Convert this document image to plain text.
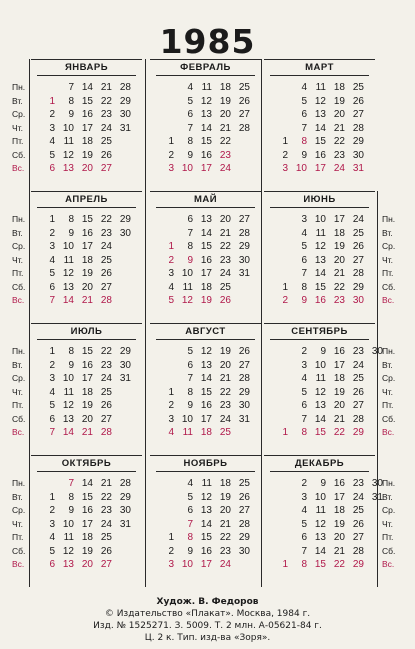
1985
Пн.
Вт.
Ср.
Чт.
Пт.
Сб.
Вс.
ЯНВАРЬ
1
2
3
4
5
6
7
8
9
10
11
12
13
14
15
16
17
18
19
20
21
22
23
24
25
26
27
28
29
30
31
ФЕВРАЛЬ
1
2
3
4
5
6
7
8
9
10
11
12
13
14
15
16
17
18
19
20
21
22
23
24
25
26
27
28
МАРТ
1
2
3
4
5
6
7
8
9
10
11
12
13
14
15
16
17
18
19
20
21
22
23
24
25
26
27
28
29
30
31
Пн.
Вт.
Ср.
Чт.
Пт.
Сб.
Вс.
Пн.
Вт.
Ср.
Чт.
Пт.
Сб.
Вс.
АПРЕЛЬ
1
2
3
4
5
6
7
8
9
10
11
12
13
14
15
16
17
18
19
20
21
22
23
24
25
26
27
28
29
30
МАЙ
1
2
3
4
5
6
7
8
9
10
11
12
13
14
15
16
17
18
19
20
21
22
23
24
25
26
27
28
29
30
31
ИЮНЬ
1
2
3
4
5
6
7
8
9
10
11
12
13
14
15
16
17
18
19
20
21
22
23
24
25
26
27
28
29
30
Пн.
Вт.
Ср.
Чт.
Пт.
Сб.
Вс.
Пн.
Вт.
Ср.
Чт.
Пт.
Сб.
Вс.
ИЮЛЬ
1
2
3
4
5
6
7
8
9
10
11
12
13
14
15
16
17
18
19
20
21
22
23
24
25
26
27
28
29
30
31
АВГУСТ
1
2
3
4
5
6
7
8
9
10
11
12
13
14
15
16
17
18
19
20
21
22
23
24
25
26
27
28
29
30
31
СЕНТЯБРЬ
1
2
3
4
5
6
7
8
9
10
11
12
13
14
15
16
17
18
19
20
21
22
23
24
25
26
27
28
29
30
Пн.
Вт.
Ср.
Чт.
Пт.
Сб.
Вс.
Пн.
Вт.
Ср.
Чт.
Пт.
Сб.
Вс.
ОКТЯБРЬ
1
2
3
4
5
6
7
8
9
10
11
12
13
14
15
16
17
18
19
20
21
22
23
24
25
26
27
28
29
30
31
НОЯБРЬ
1
2
3
4
5
6
7
8
9
10
11
12
13
14
15
16
17
18
19
20
21
22
23
24
25
26
27
28
29
30
ДЕКАБРЬ
1
2
3
4
5
6
7
8
9
10
11
12
13
14
15
16
17
18
19
20
21
22
23
24
25
26
27
28
29
30
31
Худож. В. Федоров
© Издательство «Плакат». Москва, 1984 г.
Изд. № 1525271. З. 5009. Т. 2 млн. А-05621-84 г.
Ц. 2 к. Тип. изд-ва «Зоря».
